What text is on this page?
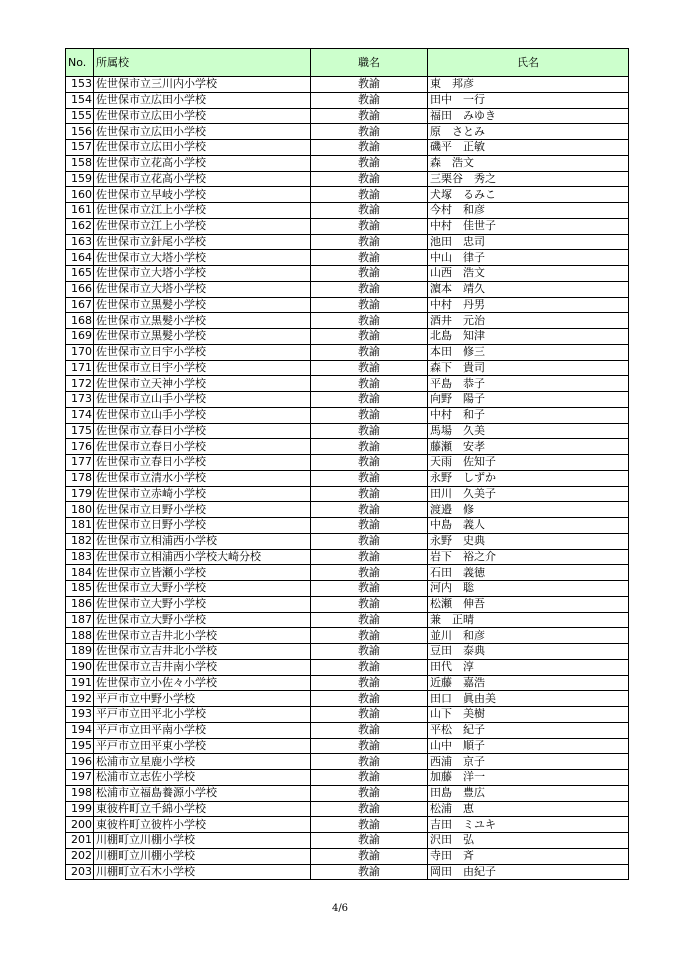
No.	所属校	職名	氏名
153	佐世保市立三川内小学校	教諭	東　邦彦
154	佐世保市立広田小学校	教諭	田中　一行
155	佐世保市立広田小学校	教諭	福田　みゆき
156	佐世保市立広田小学校	教諭	原　さとみ
157	佐世保市立広田小学校	教諭	磯平　正敏
158	佐世保市立花高小学校	教諭	森　浩文
159	佐世保市立花高小学校	教諭	三栗谷　秀之
160	佐世保市立早岐小学校	教諭	犬塚　るみこ
161	佐世保市立江上小学校	教諭	今村　和彦
162	佐世保市立江上小学校	教諭	中村　佳世子
163	佐世保市立針尾小学校	教諭	池田　忠司
164	佐世保市立大塔小学校	教諭	中山　律子
165	佐世保市立大塔小学校	教諭	山西　浩文
166	佐世保市立大塔小学校	教諭	濵本　靖久
167	佐世保市立黒髪小学校	教諭	中村　丹男
168	佐世保市立黒髪小学校	教諭	酒井　元治
169	佐世保市立黒髪小学校	教諭	北島　知津
170	佐世保市立日宇小学校	教諭	本田　修三
171	佐世保市立日宇小学校	教諭	森下　貴司
172	佐世保市立天神小学校	教諭	平島　恭子
173	佐世保市立山手小学校	教諭	向野　陽子
174	佐世保市立山手小学校	教諭	中村　和子
175	佐世保市立春日小学校	教諭	馬場　久美
176	佐世保市立春日小学校	教諭	藤瀬　安孝
177	佐世保市立春日小学校	教諭	天雨　佐知子
178	佐世保市立清水小学校	教諭	永野　しずか
179	佐世保市立赤崎小学校	教諭	田川　久美子
180	佐世保市立日野小学校	教諭	渡邉　修
181	佐世保市立日野小学校	教諭	中島　義人
182	佐世保市立相浦西小学校	教諭	永野　史典
183	佐世保市立相浦西小学校大崎分校	教諭	岩下　裕之介
184	佐世保市立皆瀬小学校	教諭	石田　義徳
185	佐世保市立大野小学校	教諭	河内　聡
186	佐世保市立大野小学校	教諭	松瀬　伸吾
187	佐世保市立大野小学校	教諭	兼　正晴
188	佐世保市立吉井北小学校	教諭	並川　和彦
189	佐世保市立吉井北小学校	教諭	豆田　泰典
190	佐世保市立吉井南小学校	教諭	田代　淳
191	佐世保市立小佐々小学校	教諭	近藤　嘉浩
192	平戸市立中野小学校	教諭	田口　眞由美
193	平戸市立田平北小学校	教諭	山下　美樹
194	平戸市立田平南小学校	教諭	平松　紀子
195	平戸市立田平東小学校	教諭	山中　順子
196	松浦市立星鹿小学校	教諭	西浦　京子
197	松浦市立志佐小学校	教諭	加藤　洋一
198	松浦市立福島養源小学校	教諭	田島　豊広
199	東彼杵町立千綿小学校	教諭	松浦　恵
200	東彼杵町立彼杵小学校	教諭	吉田　ミユキ
201	川棚町立川棚小学校	教諭	沢田　弘
202	川棚町立川棚小学校	教諭	寺田　斉
203	川棚町立石木小学校	教諭	岡田　由紀子
4/6
